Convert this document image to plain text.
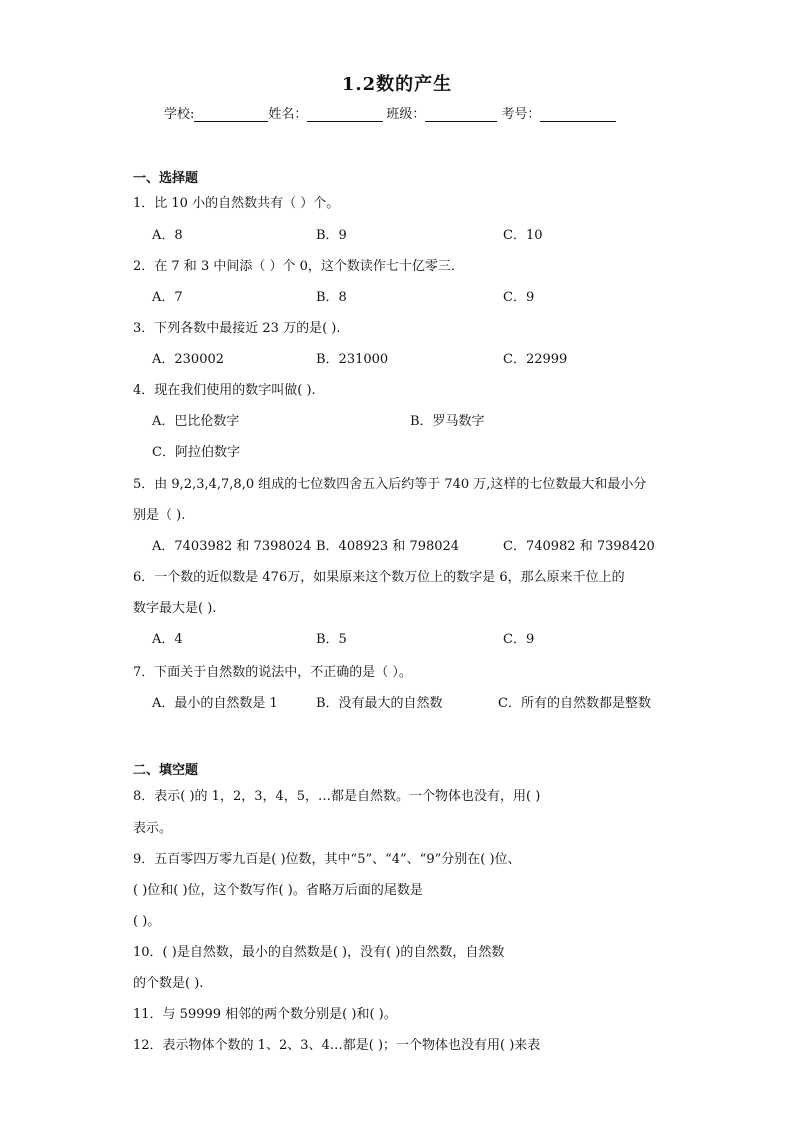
1.2数的产生
学校:	姓名：	班级：	考号：
一、选择题
1．比 10 小的自然数共有（ ）个。
A．8	B．9	C．10
2．在 7 和 3 中间添（ ）个 0，这个数读作七十亿零三．
A．7	B．8	C．9
3．下列各数中最接近 23 万的是( ).
A．230002	B．231000	C．22999
4．现在我们使用的数字叫做( ).
A．巴比伦数字	B．罗马数字
C．阿拉伯数字
5．由 9,2,3,4,7,8,0 组成的七位数四舍五入后约等于 740 万,这样的七位数最大和最小分
别是（ ).
A．7403982 和 7398024 B．408923 和 798024	C．740982 和 7398420
6．一个数的近似数是 476万，如果原来这个数万位上的数字是 6，那么原来千位上的
数字最大是( ).
A．4	B．5	C．9
7．下面关于自然数的说法中，不正确的是（ ）。
A．最小的自然数是 1	B．没有最大的自然数	C．所有的自然数都是整数
二、填空题
8．表示( )的 1，2，3，4，5，…都是自然数。一个物体也没有，用( )
表示。
9．五百零四万零九百是( )位数，其中“5”、“4”、“9”分别在( )位、
( )位和( )位，这个数写作( )。省略万后面的尾数是
( )。
10．( )是自然数，最小的自然数是( )，没有( )的自然数，自然数
的个数是( ).
11．与 59999 相邻的两个数分别是( )和( )。
12．表示物体个数的 1、2、3、4…都是( )；一个物体也没有用( )来表
